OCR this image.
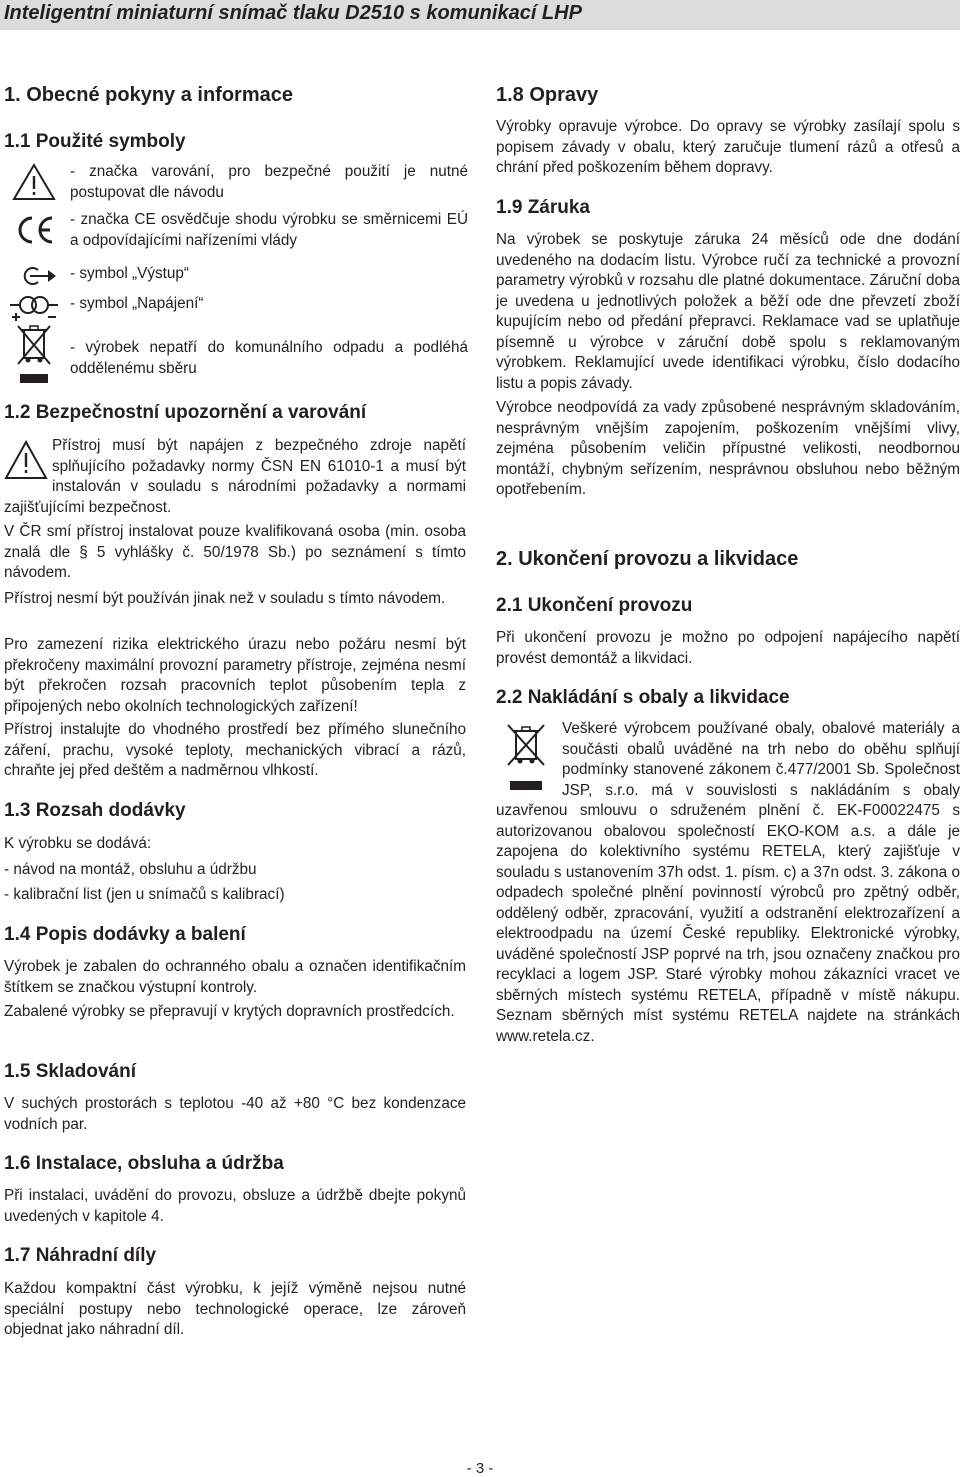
Inteligentní miniaturní snímač tlaku D2510 s komunikací LHP
1. Obecné pokyny a informace
1.1 Použité symboly
- značka varování, pro bezpečné použití je nutné postupovat dle návodu
- značka CE osvědčuje shodu výrobku se směrnicemi EÚ a odpovídajícími nařízeními vlády
- symbol „Výstup“
- symbol „Napájení“
- výrobek nepatří do komunálního odpadu a podléhá oddělenému sběru
1.2 Bezpečnostní upozornění a varování

Přístroj musí být napájen z bezpečného zdroje napětí splňujícího požadavky normy ČSN EN 61010-1 a musí být instalován v souladu s národními požadavky a normami zajišťujícími bezpečnost.

V ČR smí přístroj instalovat pouze kvalifikovaná osoba (min. osoba znalá dle § 5 vyhlášky č. 50/1978 Sb.) po seznámení s tímto návodem.

Přístroj nesmí být používán jinak než v souladu s tímto návodem.

Pro zamezení rizika elektrického úrazu nebo požáru nesmí být překročeny maximální provozní parametry přístroje, zejména nesmí být překročen rozsah pracovních teplot působením tepla z připojených nebo okolních technologických zařízení!

Přístroj instalujte do vhodného prostředí bez přímého slunečního záření, prachu, vysoké teploty, mechanických vibrací a rázů, chraňte jej před deštěm a nadměrnou vlhkostí.

1.3 Rozsah dodávky

K výrobku se dodává:

- návod na montáž, obsluhu a údržbu
- kalibrační list (jen u snímačů s kalibrací)
1.4 Popis dodávky a balení

Výrobek je zabalen do ochranného obalu a označen identifikačním štítkem se značkou výstupní kontroly.

Zabalené výrobky se přepravují v krytých dopravních prostředcích.

1.5 Skladování

V suchých prostorách s teplotou -40 až +80 °C bez kondenzace vodních par.

1.6 Instalace, obsluha a údržba

Při instalaci, uvádění do provozu, obsluze a údržbě dbejte pokynů uvedených v kapitole 4.

1.7 Náhradní díly

Každou kompaktní část výrobku, k jejíž výměně nejsou nutné speciální postupy nebo technologické operace, lze zároveň objednat jako náhradní díl.

1.8 Opravy

Výrobky opravuje výrobce. Do opravy se výrobky zasílají spolu s popisem závady v obalu, který zaručuje tlumení rázů a otřesů a chrání před poškozením během dopravy.

1.9 Záruka

Na výrobek se poskytuje záruka 24 měsíců ode dne dodání uvedeného na dodacím listu. Výrobce ručí za technické a provozní parametry výrobků v rozsahu dle platné dokumentace. Záruční doba je uvedena u jednotlivých položek a běží ode dne převzetí zboží kupujícím nebo od předání přepravci. Reklamace vad se uplatňuje písemně u výrobce v záruční době spolu s reklamovaným výrobkem. Reklamující uvede identifikaci výrobku, číslo dodacího listu a popis závady.

Výrobce neodpovídá za vady způsobené nesprávným skladováním, nesprávným vnějším zapojením, poškozením vnějšími vlivy, zejména působením veličin přípustné velikosti, neodbornou montáží, chybným seřízením, nesprávnou obsluhou nebo běžným opotřebením.

2. Ukončení provozu a likvidace
2.1 Ukončení provozu

Při ukončení provozu je možno po odpojení napájecího napětí provést demontáž a likvidaci.

2.2 Nakládání s obaly a likvidace

Veškeré výrobcem používané obaly, obalové materiály a součásti obalů uváděné na trh nebo do oběhu splňují podmínky stanovené zákonem č.477/2001 Sb. Společnost JSP, s.r.o. má v souvislosti s nakládáním s obaly uzavřenou smlouvu o sdruženém plnění č. EK-F00022475 s autorizovanou obalovou společností EKO-KOM a.s. a dále je zapojena do kolektivního systému RETELA, který zajišťuje v souladu s ustanovením 37h odst. 1. písm. c) a 37n odst. 3. zákona o odpadech společné plnění povinností výrobců pro zpětný odběr, oddělený odběr, zpracování, využití a odstranění elektrozařízení a elektroodpadu na území České republiky. Elektronické výrobky, uváděné společností JSP poprvé na trh, jsou označeny značkou pro recyklaci a logem JSP. Staré výrobky mohou zákazníci vracet ve sběrných místech systému RETELA, případně v místě nákupu. Seznam sběrných míst systému RETELA najdete na stránkách www.retela.cz.

- 3 -
